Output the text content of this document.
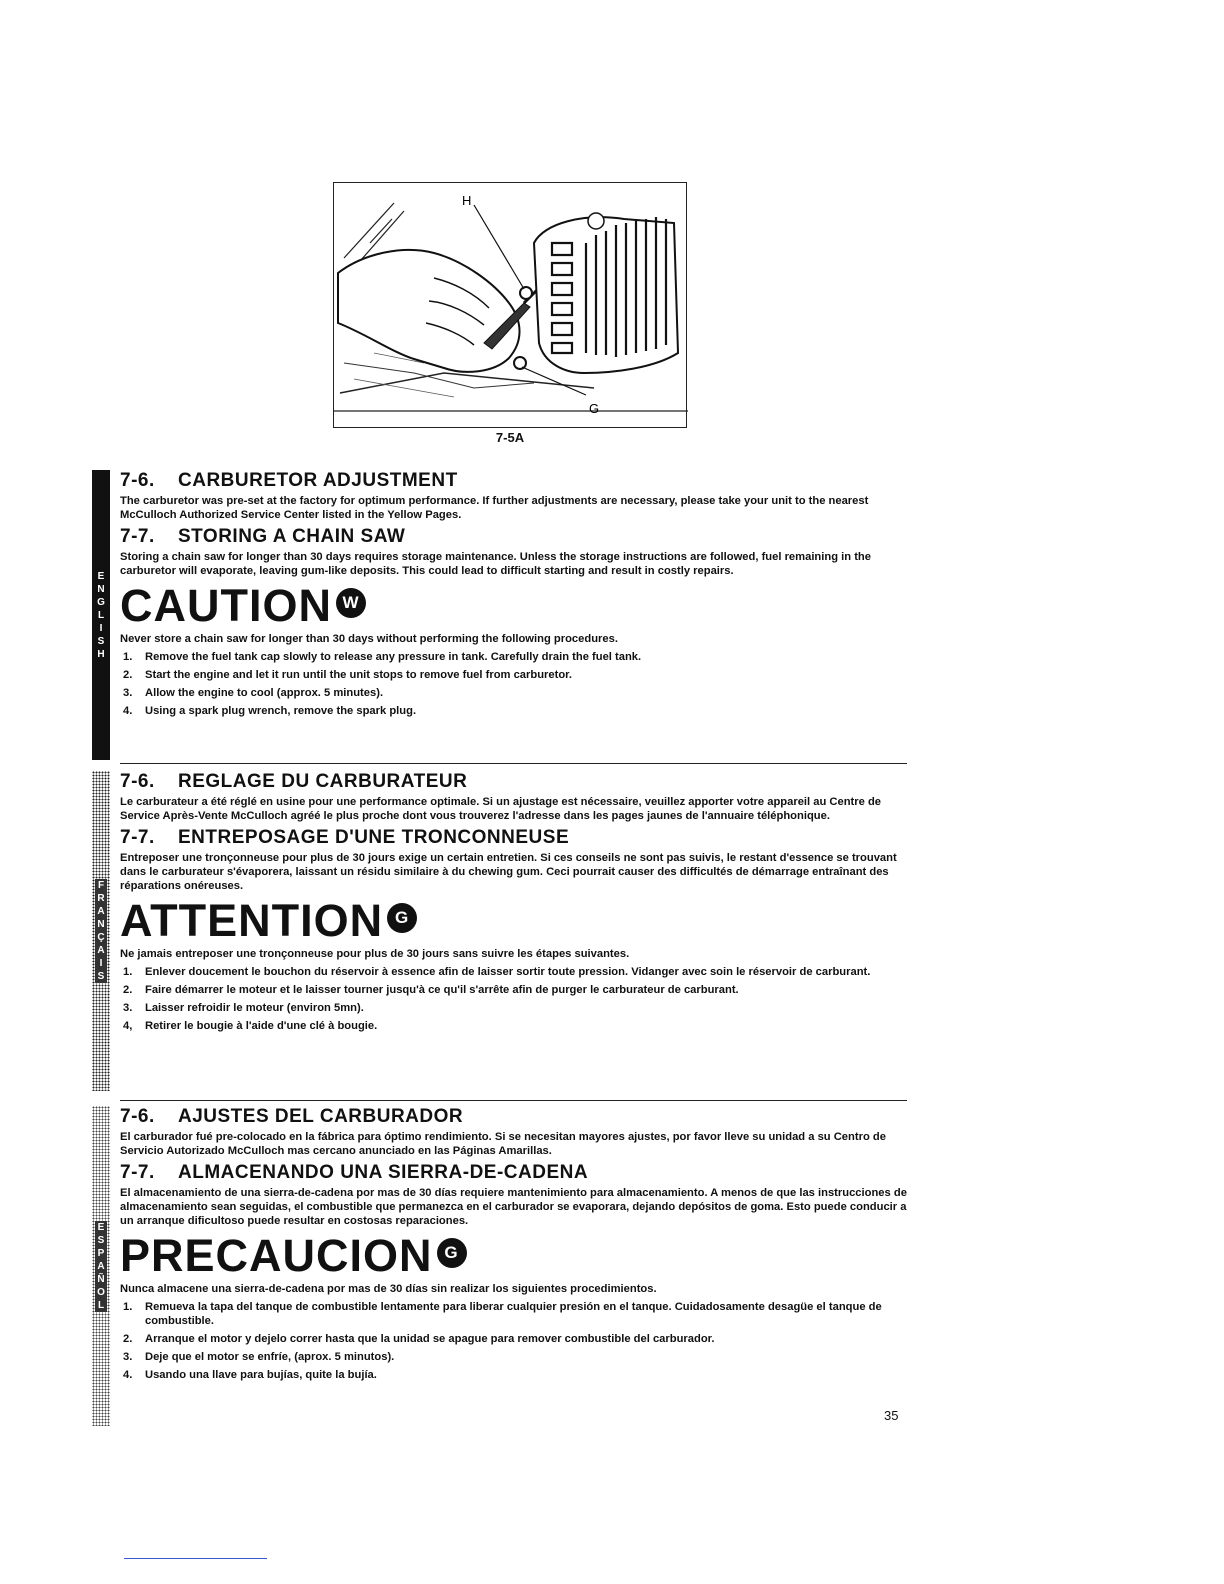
H
G
7-5A
E
N
G
L
I
S
H
7-6. CARBURETOR ADJUSTMENT

The carburetor was pre-set at the factory for optimum performance. If further adjustments are necessary, please take your unit to the nearest McCulloch Authorized Service Center listed in the Yellow Pages.

7-7. STORING A CHAIN SAW

Storing a chain saw for longer than 30 days requires storage maintenance. Unless the storage instructions are followed, fuel remaining in the carburetor will evaporate, leaving gum-like deposits. This could lead to difficult starting and result in costly repairs.

CAUTION W

Never store a chain saw for longer than 30 days without performing the following procedures.

1. Remove the fuel tank cap slowly to release any pressure in tank. Carefully drain the fuel tank.
2. Start the engine and let it run until the unit stops to remove fuel from carburetor.
3. Allow the engine to cool (approx. 5 minutes).
4. Using a spark plug wrench, remove the spark plug.
F
R
A
N
Ç
A
I
S
7-6. REGLAGE DU CARBURATEUR

Le carburateur a été réglé en usine pour une performance optimale. Si un ajustage est nécessaire, veuillez apporter votre appareil au Centre de Service Après-Vente McCulloch agréé le plus proche dont vous trouverez l'adresse dans les pages jaunes de l'annuaire téléphonique.

7-7. ENTREPOSAGE D'UNE TRONCONNEUSE

Entreposer une tronçonneuse pour plus de 30 jours exige un certain entretien. Si ces conseils ne sont pas suivis, le restant d'essence se trouvant dans le carburateur s'évaporera, laissant un résidu similaire à du chewing gum. Ceci pourrait causer des difficultés de démarrage entraînant des réparations onéreuses.

ATTENTION G

Ne jamais entreposer une tronçonneuse pour plus de 30 jours sans suivre les étapes suivantes.

1. Enlever doucement le bouchon du réservoir à essence afin de laisser sortir toute pression. Vidanger avec soin le réservoir de carburant.
2. Faire démarrer le moteur et le laisser tourner jusqu'à ce qu'il s'arrête afin de purger le carburateur de carburant.
3. Laisser refroidir le moteur (environ 5mn).
4, Retirer le bougie à l'aide d'une clé à bougie.
E
S
P
A
Ñ
O
L
7-6. AJUSTES DEL CARBURADOR

El carburador fué pre-colocado en la fábrica para óptimo rendimiento. Si se necesitan mayores ajustes, por favor lleve su unidad a su Centro de Servicio Autorizado McCulloch mas cercano anunciado en las Páginas Amarillas.

7-7. ALMACENANDO UNA SIERRA-DE-CADENA

El almacenamiento de una sierra-de-cadena por mas de 30 días requiere mantenimiento para almacenamiento. A menos de que las instrucciones de almacenamiento sean seguidas, el combustible que permanezca en el carburador se evaporara, dejando depósitos de goma. Esto puede conducir a un arranque dificultoso puede resultar en costosas reparaciones.

PRECAUCION G

Nunca almacene una sierra-de-cadena por mas de 30 días sin realizar los siguientes procedimientos.

1. Remueva la tapa del tanque de combustible lentamente para liberar cualquier presión en el tanque. Cuidadosamente desagüe el tanque de combustible.
2. Arranque el motor y dejelo correr hasta que la unidad se apague para remover combustible del carburador.
3. Deje que el motor se enfríe, (aprox. 5 minutos).
4. Usando una llave para bujías, quite la bujía.
35
